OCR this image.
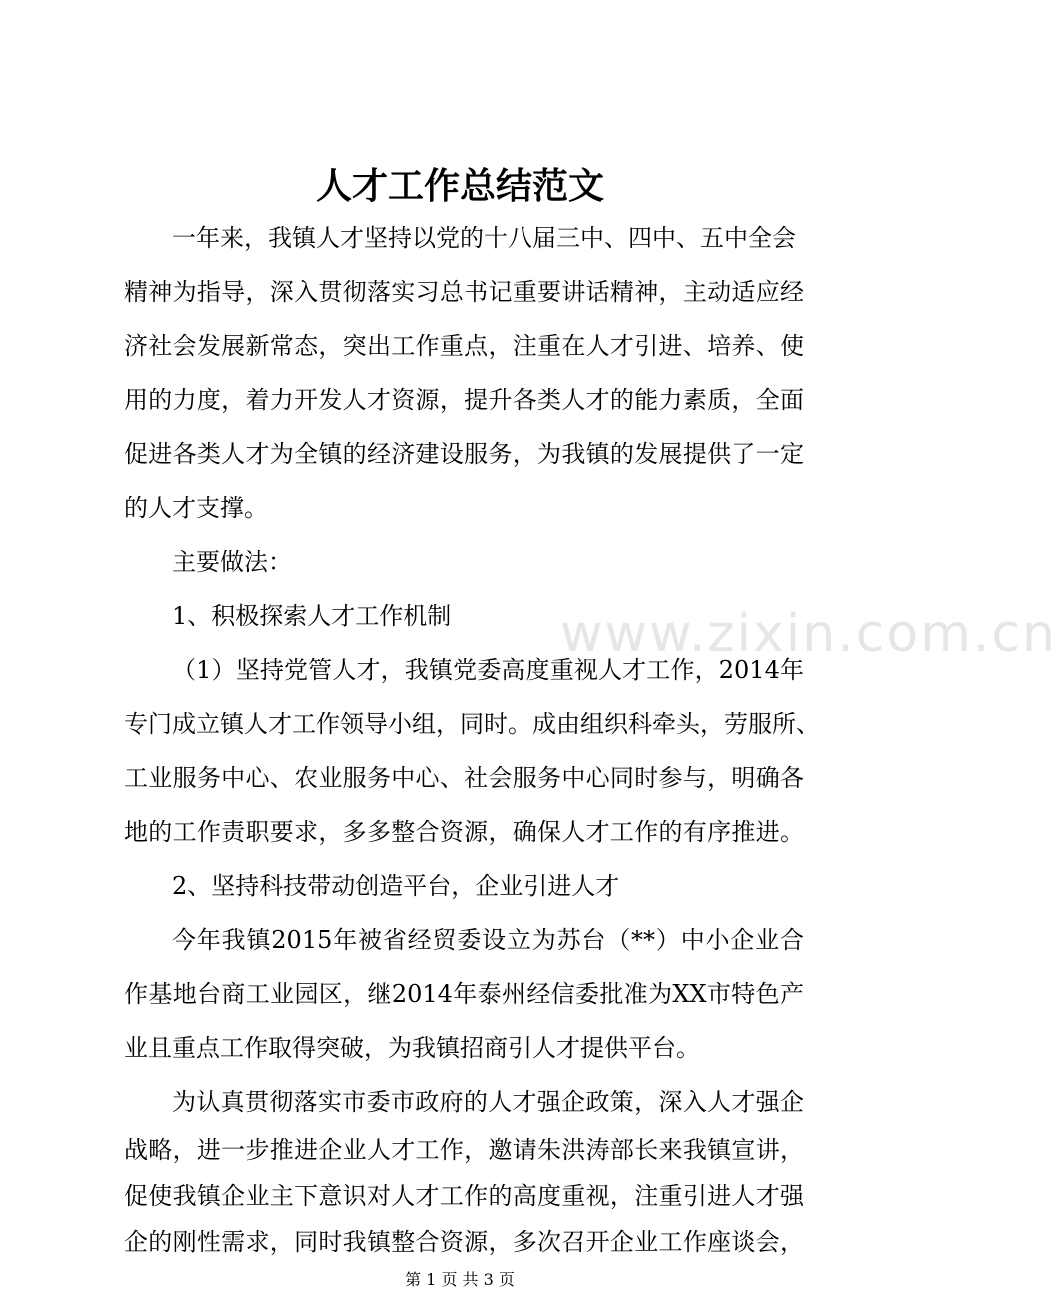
人才工作总结范文
一年来，我镇人才坚持以党的十八届三中、四中、五中全会
精神为指导，深入贯彻落实习总书记重要讲话精神，主动适应经
济社会发展新常态，突出工作重点，注重在人才引进、培养、使
用的力度，着力开发人才资源，提升各类人才的能力素质，全面
促进各类人才为全镇的经济建设服务，为我镇的发展提供了一定
的人才支撑。
主要做法：
1、积极探索人才工作机制
（1）坚持党管人才，我镇党委高度重视人才工作，2014年
专门成立镇人才工作领导小组，同时。成由组织科牵头，劳服所、
工业服务中心、农业服务中心、社会服务中心同时参与，明确各
地的工作责职要求，多多整合资源，确保人才工作的有序推进。
2、坚持科技带动创造平台，企业引进人才
今年我镇2015年被省经贸委设立为苏台（**）中小企业合
作基地台商工业园区，继2014年泰州经信委批准为XX市特色产
业且重点工作取得突破，为我镇招商引人才提供平台。
为认真贯彻落实市委市政府的人才强企政策，深入人才强企
战略，进一步推进企业人才工作，邀请朱洪涛部长来我镇宣讲，
www.zixin.com.cn
第 1 页 共 3 页
促使我镇企业主下意识对人才工作的高度重视，注重引进人才强
企的刚性需求，同时我镇整合资源，多次召开企业工作座谈会，
